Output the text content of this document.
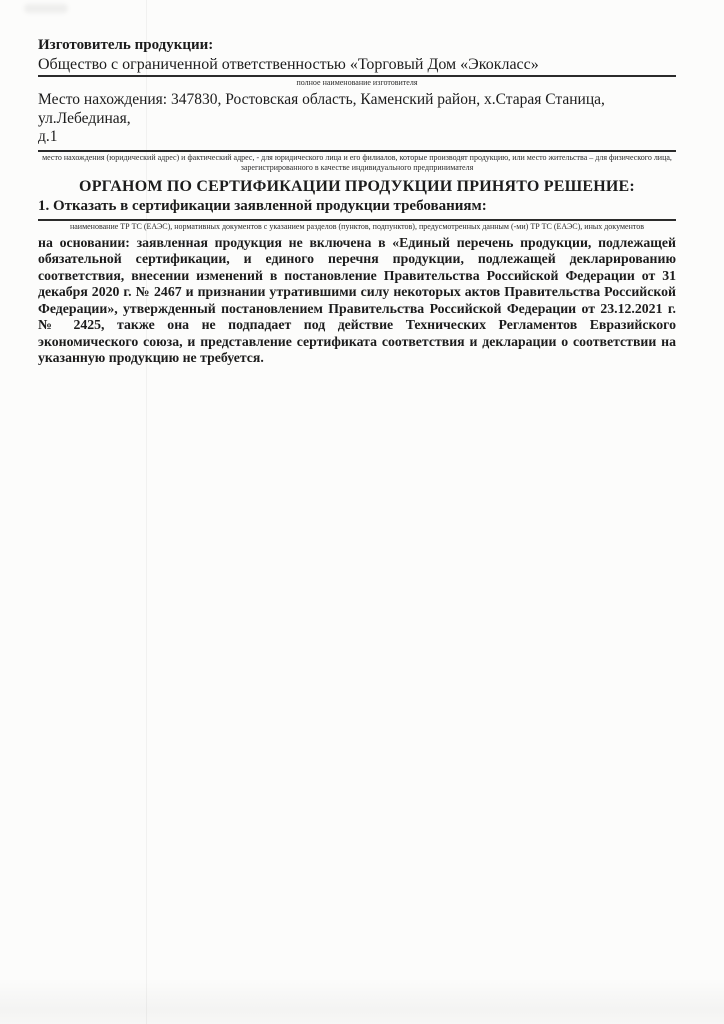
Изготовитель продукции:
Общество с ограниченной ответственностью «Торговый Дом «Экокласс»
полное наименование изготовителя
Место нахождения: 347830, Ростовская область, Каменский район, х.Старая Станица, ул.Лебединая,
д.1
место нахождения (юридический адрес) и фактический адрес, - для юридического лица и его филиалов, которые производят продукцию, или место жительства – для физического лица, зарегистрированного в качестве индивидуального предпринимателя
ОРГАНОМ ПО СЕРТИФИКАЦИИ ПРОДУКЦИИ ПРИНЯТО РЕШЕНИЕ:
1. Отказать в сертификации заявленной продукции требованиям:
наименование ТР ТС (ЕАЭС), нормативных документов с указанием разделов (пунктов, подпунктов), предусмотренных данным (-ми) ТР ТС (ЕАЭС), иных документов
на основании: заявленная продукция не включена в «Единый перечень продукции, подлежащей обязательной сертификации, и единого перечня продукции, подлежащей декларированию соответствия, внесении изменений в постановление Правительства Российской Федерации от 31 декабря 2020 г. № 2467 и признании утратившими силу некоторых актов Правительства Российской Федерации», утвержденный постановлением Правительства Российской Федерации от 23.12.2021 г. № 2425, также она не подпадает под действие Технических Регламентов Евразийского экономического союза, и представление сертификата соответствия и декларации о соответствии на указанную продукцию не требуется.
